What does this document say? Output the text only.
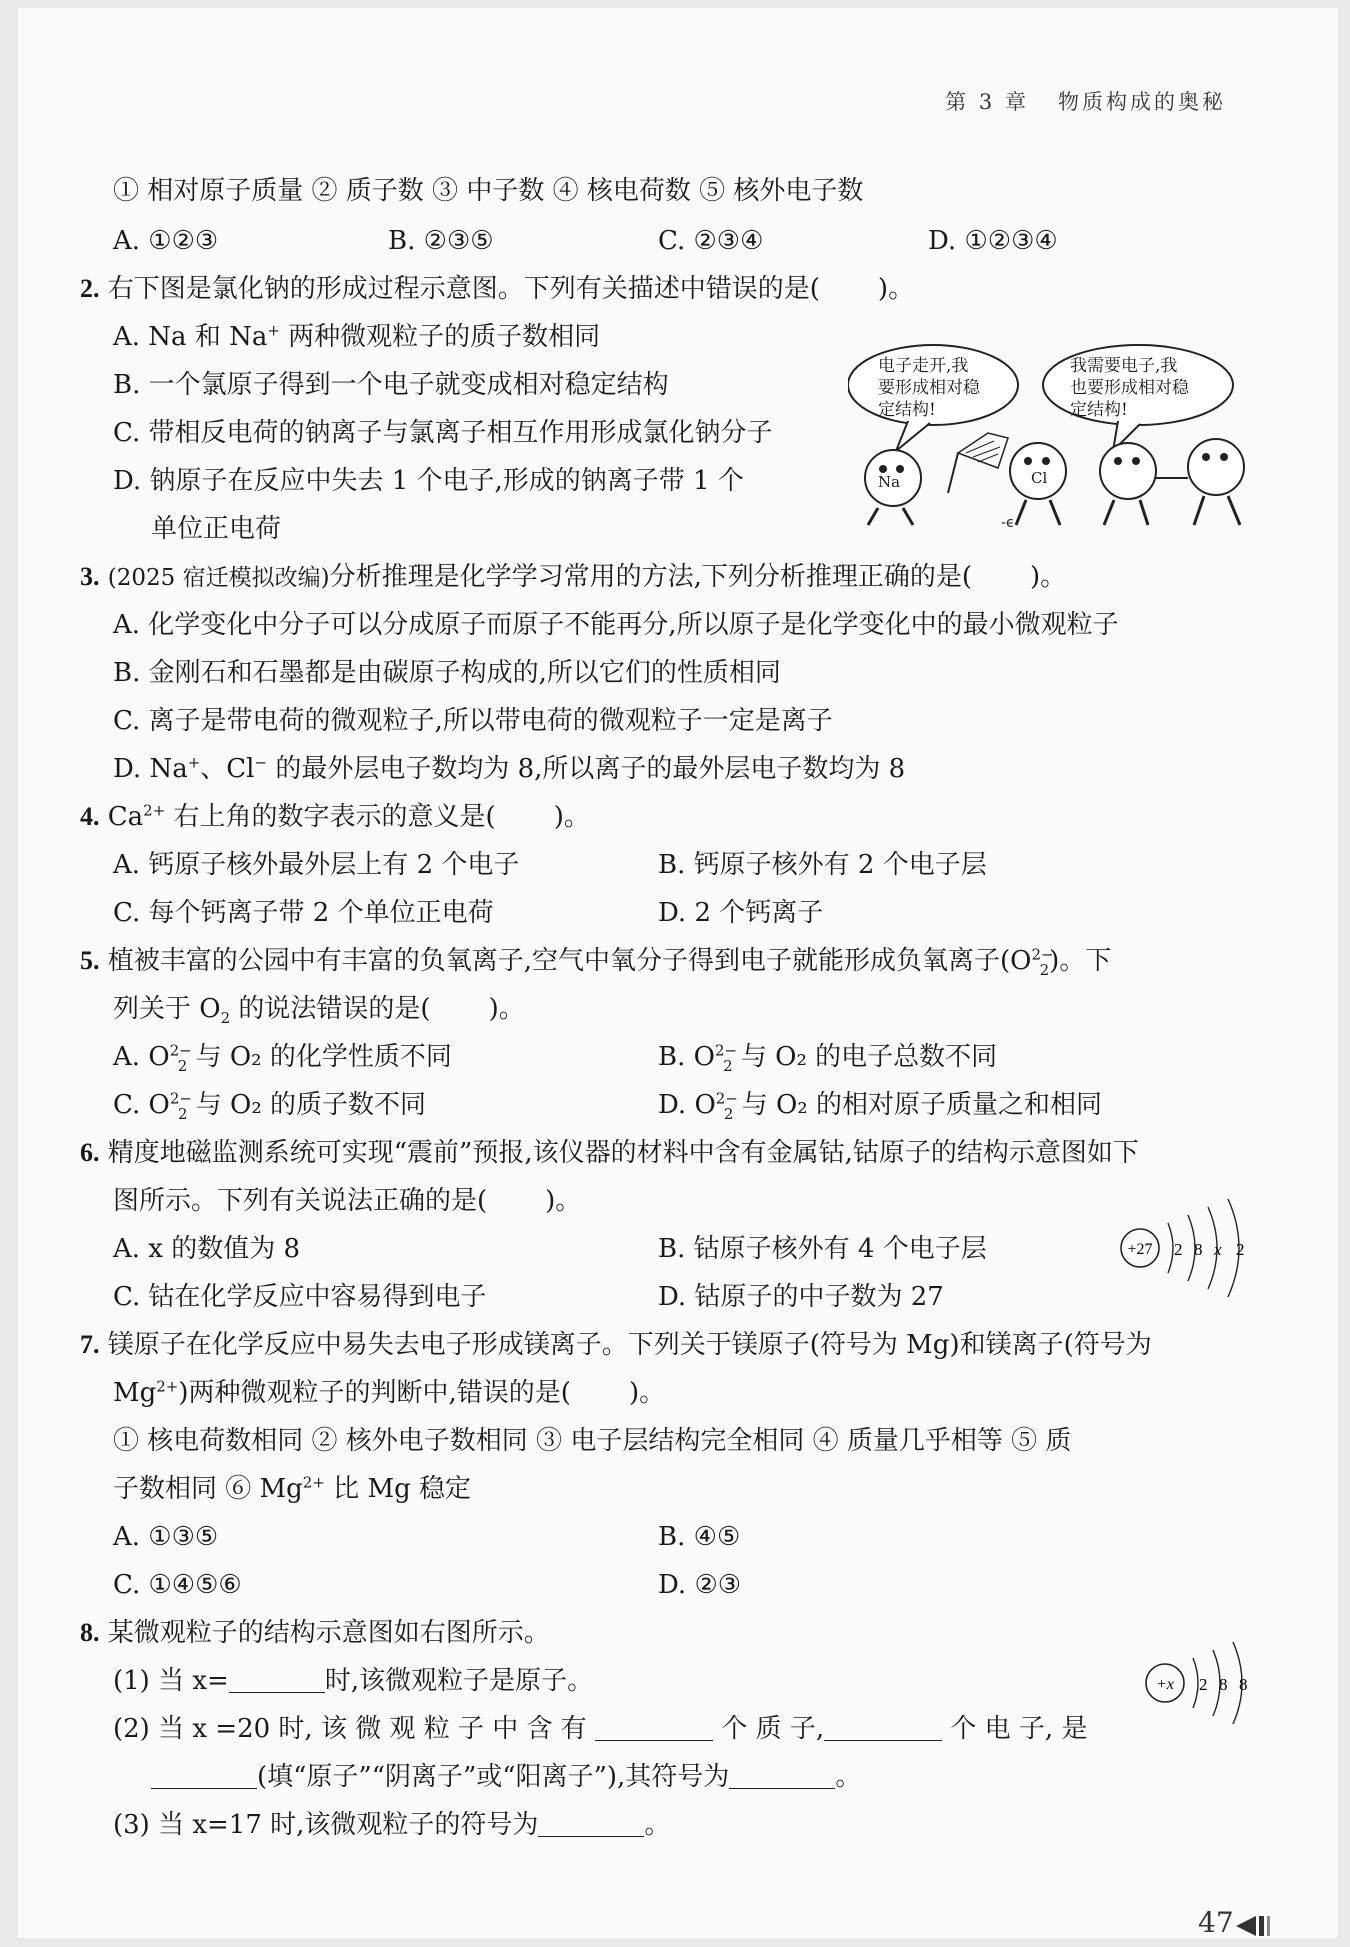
第 3 章 物质构成的奥秘
① 相对原子质量 ② 质子数 ③ 中子数 ④ 核电荷数 ⑤ 核外电子数
A. ①②③	B. ②③⑤	C. ②③④	D. ①②③④
2. 右下图是氯化钠的形成过程示意图。下列有关描述中错误的是( )。
A. Na 和 Na+ 两种微观粒子的质子数相同
B. 一个氯原子得到一个电子就变成相对稳定结构
C. 带相反电荷的钠离子与氯离子相互作用形成氯化钠分子
D. 钠原子在反应中失去 1 个电子,形成的钠离子带 1 个
单位正电荷	-ϵ
电子走开,我
要形成相对稳
定结构!
我需要电子,我
也要形成相对稳
定结构!
Na	Cl
3. (2025 宿迁模拟改编)分析推理是化学学习常用的方法,下列分析推理正确的是( )。
A. 化学变化中分子可以分成原子而原子不能再分,所以原子是化学变化中的最小微观粒子
B. 金刚石和石墨都是由碳原子构成的,所以它们的性质相同
C. 离子是带电荷的微观粒子,所以带电荷的微观粒子一定是离子
D. Na+、Cl− 的最外层电子数均为 8,所以离子的最外层电子数均为 8
4. $Ca^{2+}$ 右上角的数字表示的意义是( )。
A. 钙原子核外最外层上有 2 个电子	B. 钙原子核外有 2 个电子层
C. 每个钙离子带 2 个单位正电荷	D. 2 个钙离子
5. 植被丰富的公园中有丰富的负氧离子,空气中氧分子得到电子就能形成负氧离子$(O^{2-}_2)$。下
列关于 $O_2$ 的说法错误的是( )。
A. $O^{2-}_2$ 与 O₂ 的化学性质不同	B. $O^{2-}_2$ 与 O₂ 的电子总数不同
C. $O^{2-}_2$ 与 O₂ 的质子数不同	D. $O^{2-}_2$ 与 O₂ 的相对原子质量之和相同
6. 精度地磁监测系统可实现“震前”预报,该仪器的材料中含有金属钴,钴原子的结构示意图如下
图所示。下列有关说法正确的是( )。
A. x 的数值为 8	B. 钴原子核外有 4 个电子层
C. 钴在化学反应中容易得到电子	D. 钴原子的中子数为 27
+27 2 8 x 2
7. 镁原子在化学反应中易失去电子形成镁离子。下列关于镁原子(符号为 Mg)和镁离子(符号为
$Mg^{2+}$)两种微观粒子的判断中,错误的是( )。
① 核电荷数相同 ② 核外电子数相同 ③ 电子层结构完全相同 ④ 质量几乎相等 ⑤ 质
子数相同 ⑥ $Mg^{2+}$ 比 Mg 稳定
A. ①③⑤	B. ④⑤
C. ①④⑤⑥	D. ②③
8. 某微观粒子的结构示意图如右图所示。
(1) 当 x=	时,该微观粒子是原子。
(2) 当 x =20 时, 该 微 观 粒 子 中 含 有	个 质 子,	个 电 子, 是
(填“原子”“阴离子”或“阳离子”),其符号为	。
(3) 当 x=17 时,该微观粒子的符号为	。
+x 2 8 8
47
